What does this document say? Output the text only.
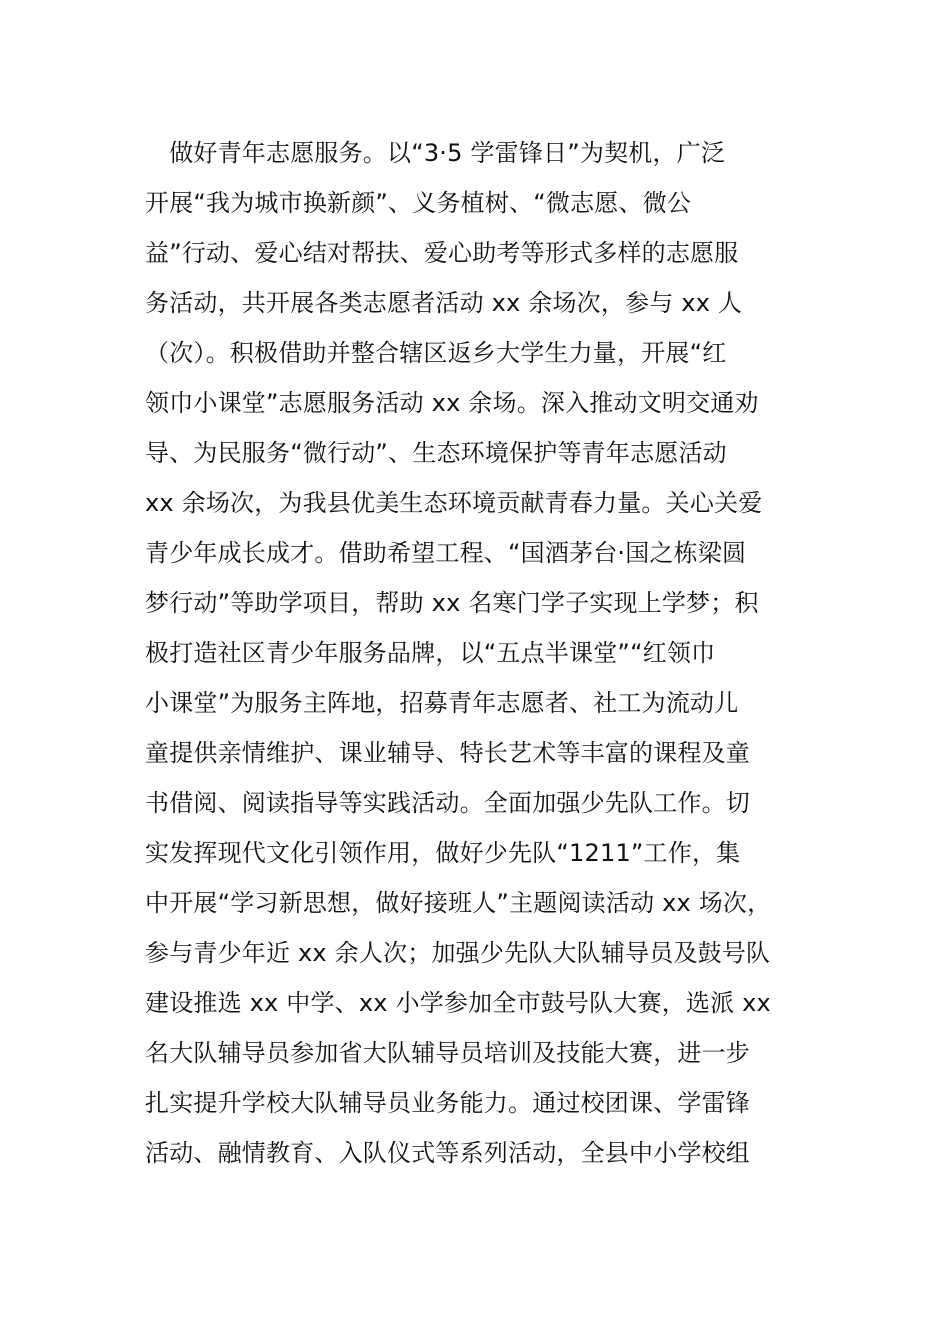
　做好青年志愿服务。以“3·5 学雷锋日”为契机，广泛
开展“我为城市换新颜”、义务植树、“微志愿、微公
益”行动、爱心结对帮扶、爱心助考等形式多样的志愿服
务活动，共开展各类志愿者活动 xx 余场次，参与 xx 人
（次）。积极借助并整合辖区返乡大学生力量，开展“红
领巾小课堂”志愿服务活动 xx 余场。深入推动文明交通劝
导、为民服务“微行动”、生态环境保护等青年志愿活动
xx 余场次，为我县优美生态环境贡献青春力量。关心关爱
青少年成长成才。借助希望工程、“国酒茅台·国之栋梁圆
梦行动”等助学项目，帮助 xx 名寒门学子实现上学梦；积
极打造社区青少年服务品牌，以“五点半课堂”“红领巾
小课堂”为服务主阵地，招募青年志愿者、社工为流动儿
童提供亲情维护、课业辅导、特长艺术等丰富的课程及童
书借阅、阅读指导等实践活动。全面加强少先队工作。切
实发挥现代文化引领作用，做好少先队“1211”工作，集
中开展“学习新思想，做好接班人”主题阅读活动 xx 场次，
参与青少年近 xx 余人次；加强少先队大队辅导员及鼓号队
建设推选 xx 中学、xx 小学参加全市鼓号队大赛，选派 xx
名大队辅导员参加省大队辅导员培训及技能大赛，进一步
扎实提升学校大队辅导员业务能力。通过校团课、学雷锋
活动、融情教育、入队仪式等系列活动，全县中小学校组
